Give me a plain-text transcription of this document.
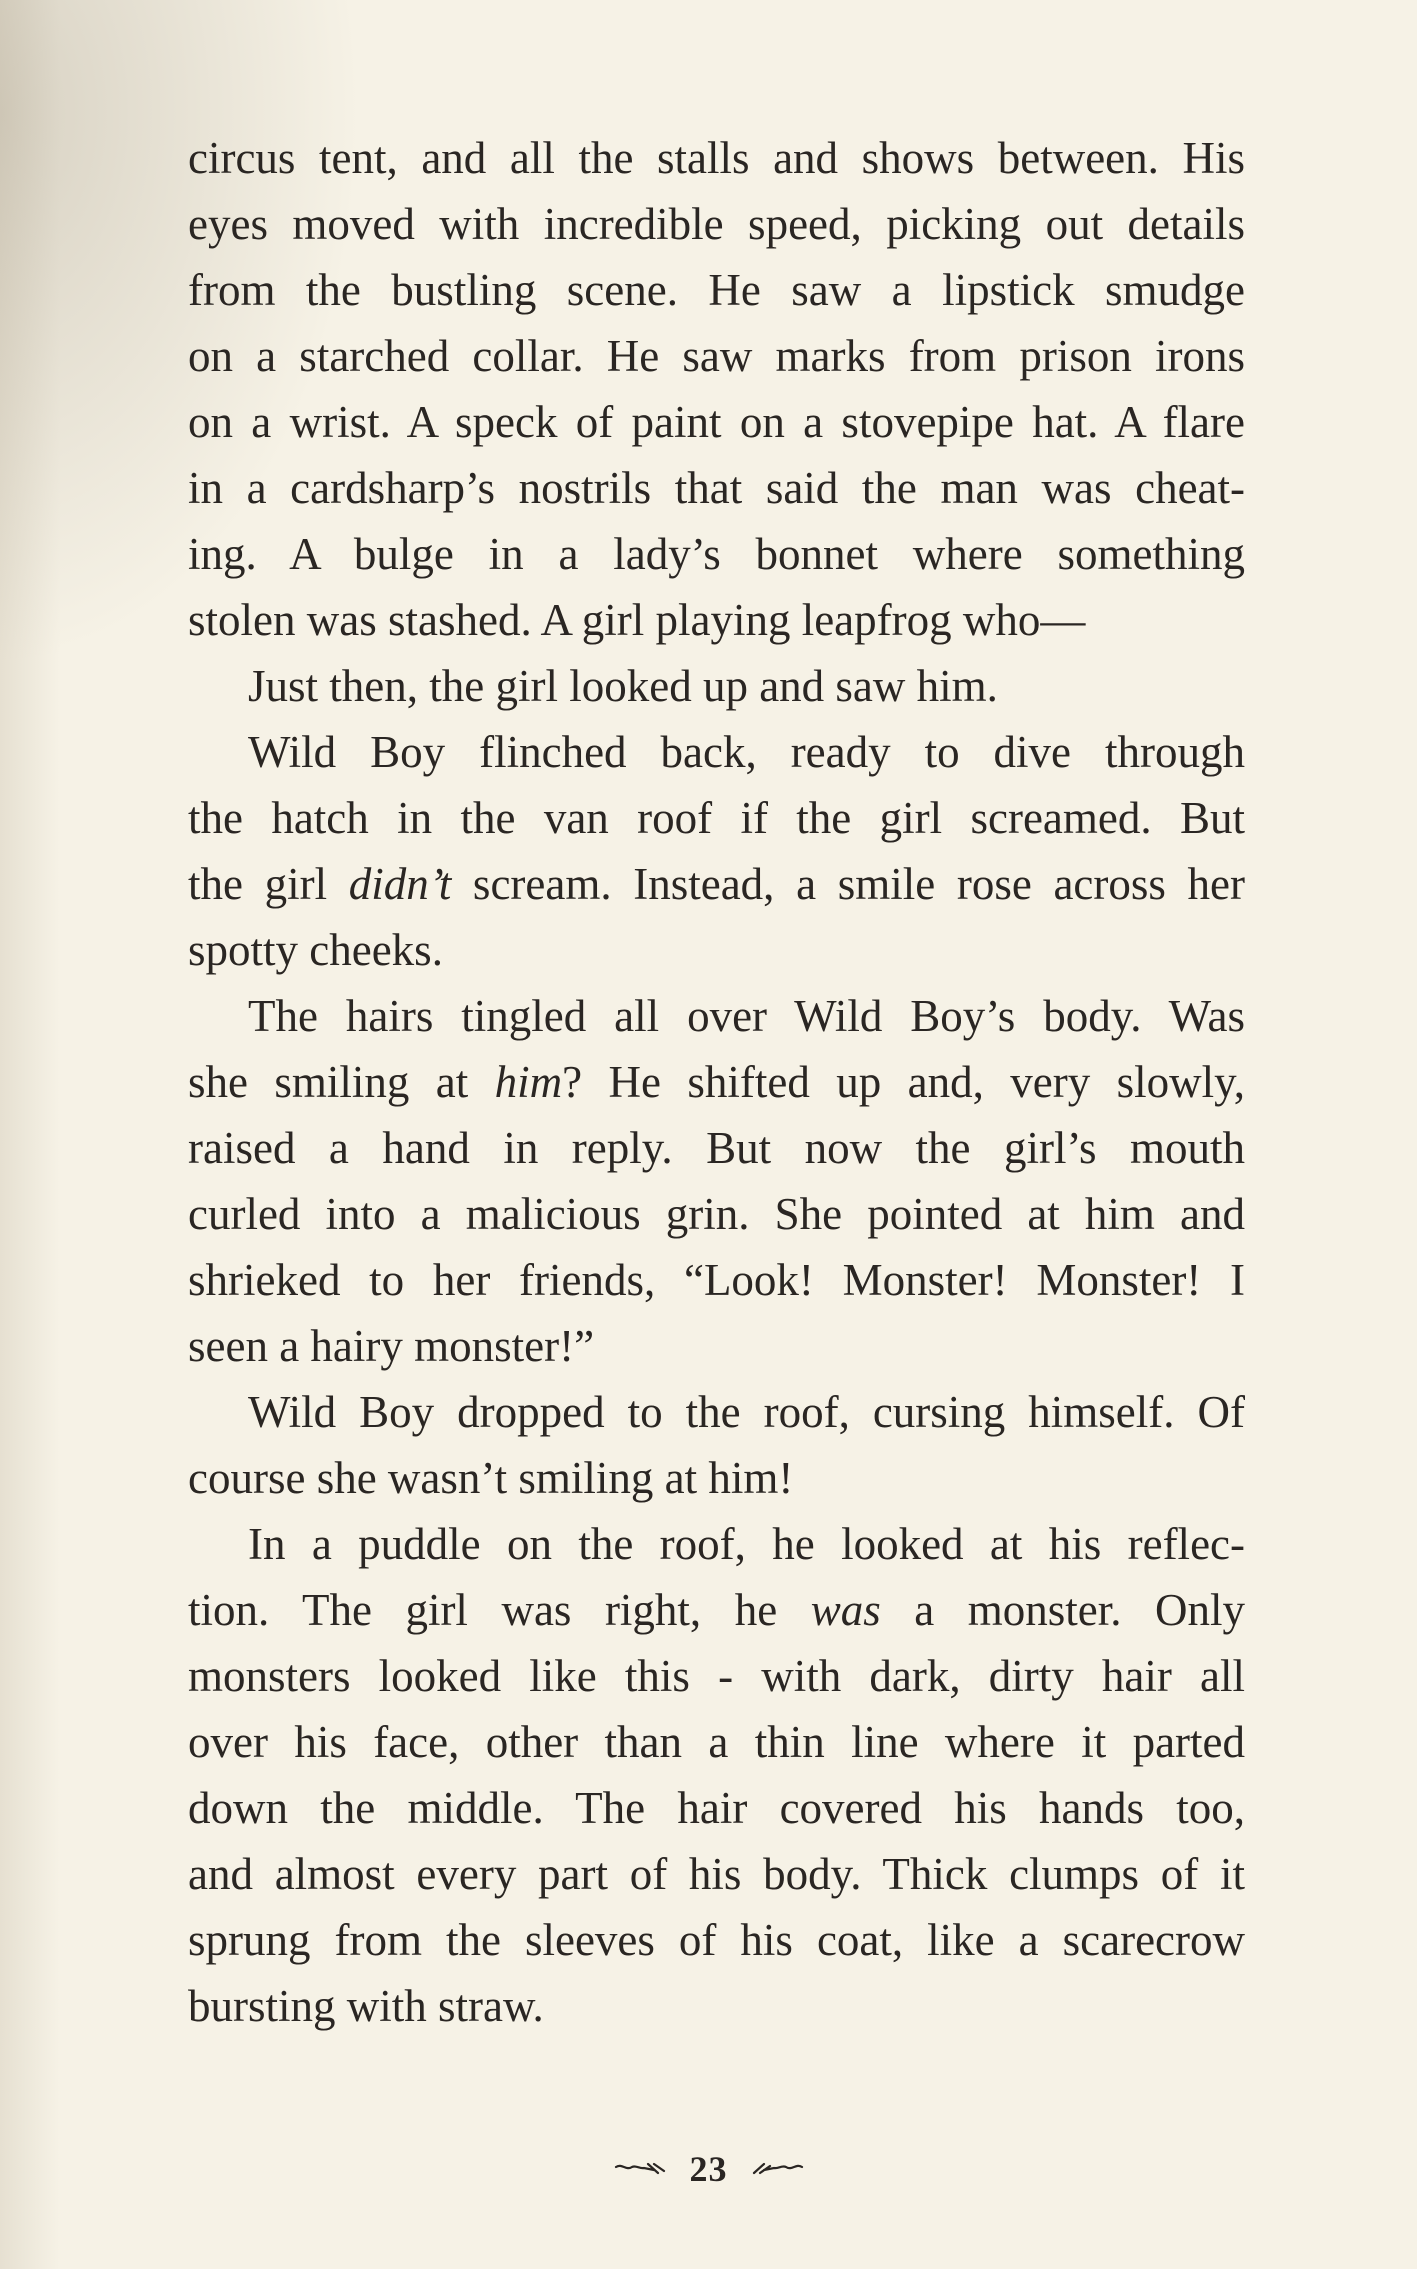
circus tent, and all the stalls and shows between. His
eyes moved with incredible speed, picking out details
from the bustling scene. He saw a lipstick smudge
on a starched collar. He saw marks from prison irons
on a wrist. A speck of paint on a stovepipe hat. A flare
in a cardsharp’s nostrils that said the man was cheat-
ing. A bulge in a lady’s bonnet where something
stolen was stashed. A girl playing leapfrog who—
Just then, the girl looked up and saw him.
Wild Boy flinched back, ready to dive through
the hatch in the van roof if the girl screamed. But
the girl didn’t scream. Instead, a smile rose across her
spotty cheeks.
The hairs tingled all over Wild Boy’s body. Was
she smiling at him? He shifted up and, very slowly,
raised a hand in reply. But now the girl’s mouth
curled into a malicious grin. She pointed at him and
shrieked to her friends, “Look! Monster! Monster! I
seen a hairy monster!”
Wild Boy dropped to the roof, cursing himself. Of
course she wasn’t smiling at him!
In a puddle on the roof, he looked at his reflec-
tion. The girl was right, he was a monster. Only
monsters looked like this - with dark, dirty hair all
over his face, other than a thin line where it parted
down the middle. The hair covered his hands too,
and almost every part of his body. Thick clumps of it
sprung from the sleeves of his coat, like a scarecrow
bursting with straw.
23
